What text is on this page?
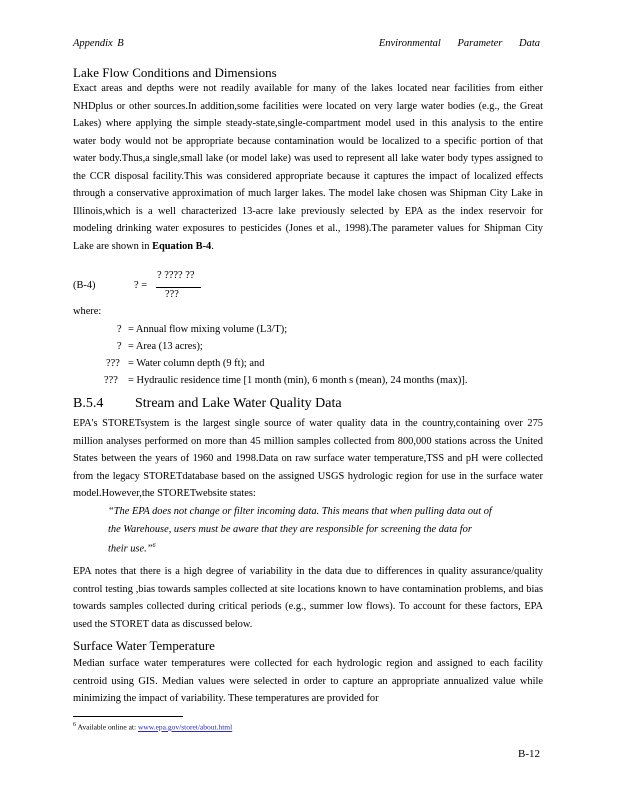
Appendix B	Environmental Parameter Data
Lake Flow Conditions and Dimensions

Exact areas and depths were not readily available for many of the lakes located near facilities from either NHDplus or other sources.In addition,some facilities were located on very large water bodies (e.g., the Great Lakes) where applying the simple steady-state,single-compartment model used in this analysis to the entire water body would not be appropriate because contamination would be localized to a specific portion of that water body.Thus,a single,small lake (or model lake) was used to represent all lake water body types assigned to the CCR disposal facility.This was considered appropriate because it captures the impact of localized effects through a conservative approximation of much larger lakes. The model lake chosen was Shipman City Lake in Illinois,which is a well characterized 13-acre lake previously selected by EPA as the index reservoir for modeling drinking water exposures to pesticides (Jones et al., 1998).The parameter values for Shipman City Lake are shown in Equation B-4.

(B-4)	? =
? ???? ??
???
where:
? = Annual flow mixing volume (L3/T);
? = Area (13 acres);
??? = Water column depth (9 ft); and
??? = Hydraulic residence time [1 month (min), 6 month s (mean), 24 months (max)].
B.5.4 Stream and Lake Water Quality Data

EPA's STORETsystem is the largest single source of water quality data in the country,containing over 275 million analyses performed on more than 45 million samples collected from 800,000 stations across the United States between the years of 1960 and 1998.Data on raw surface water temperature,TSS and pH were collected from the legacy STORETdatabase based on the assigned USGS hydrologic region for use in the surface water model.However,the STORETwebsite states:

“The EPA does not change or filter incoming data. This means that when pulling data out of the Warehouse, users must be aware that they are responsible for screening the data for their use.”$^6$

EPA notes that there is a high degree of variability in the data due to differences in quality assurance/quality control testing ,bias towards samples collected at site locations known to have contamination problems, and bias towards samples collected during critical periods (e.g., summer low flows). To account for these factors, EPA used the STORET data as discussed below.

Surface Water Temperature

Median surface water temperatures were collected for each hydrologic region and assigned to each facility centroid using GIS. Median values were selected in order to capture an appropriate annualized value while minimizing the impact of variability. These temperatures are provided for

$^6$ Available online at: www.epa.gov/storet/about.html
B-12
